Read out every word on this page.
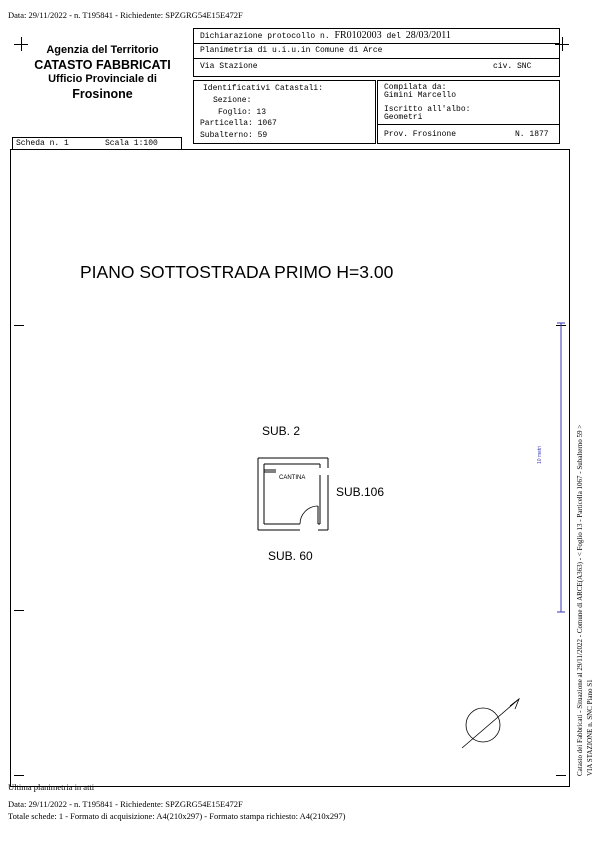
Data: 29/11/2022 - n. T195841 - Richiedente: SPZGRG54E15E472F
Agenzia del Territorio
CATASTO FABBRICATI
Ufficio Provinciale di
Frosinone
Dichiarazione protocollo n. FR0102003 del 28/03/2011
Planimetria di u.i.u.in Comune di Arce
Via Stazione	civ. SNC
Identificativi Catastali:
Sezione:
Foglio: 13
Particella: 1067
Subalterno: 59
Compilata da:
Gimini Marcello
Iscritto all'albo:
Geometri
Prov. Frosinone	N. 1877
Scheda n. 1	Scala 1:100
PIANO SOTTOSTRADA PRIMO H=3.00
CANTINA
SUB. 2
SUB.106
SUB. 60
10 metri	Catasto dei Fabbricati - Situazione al 29/11/2022 - Comune di ARCE(A363) - < Foglio 13 - Particella 1067 - Subalterno 59 > VIA STAZIONE n. SNC Piano S1
Ultima planimetria in atti
Data: 29/11/2022 - n. T195841 - Richiedente: SPZGRG54E15E472F
Totale schede: 1 - Formato di acquisizione: A4(210x297) - Formato stampa richiesto: A4(210x297)
